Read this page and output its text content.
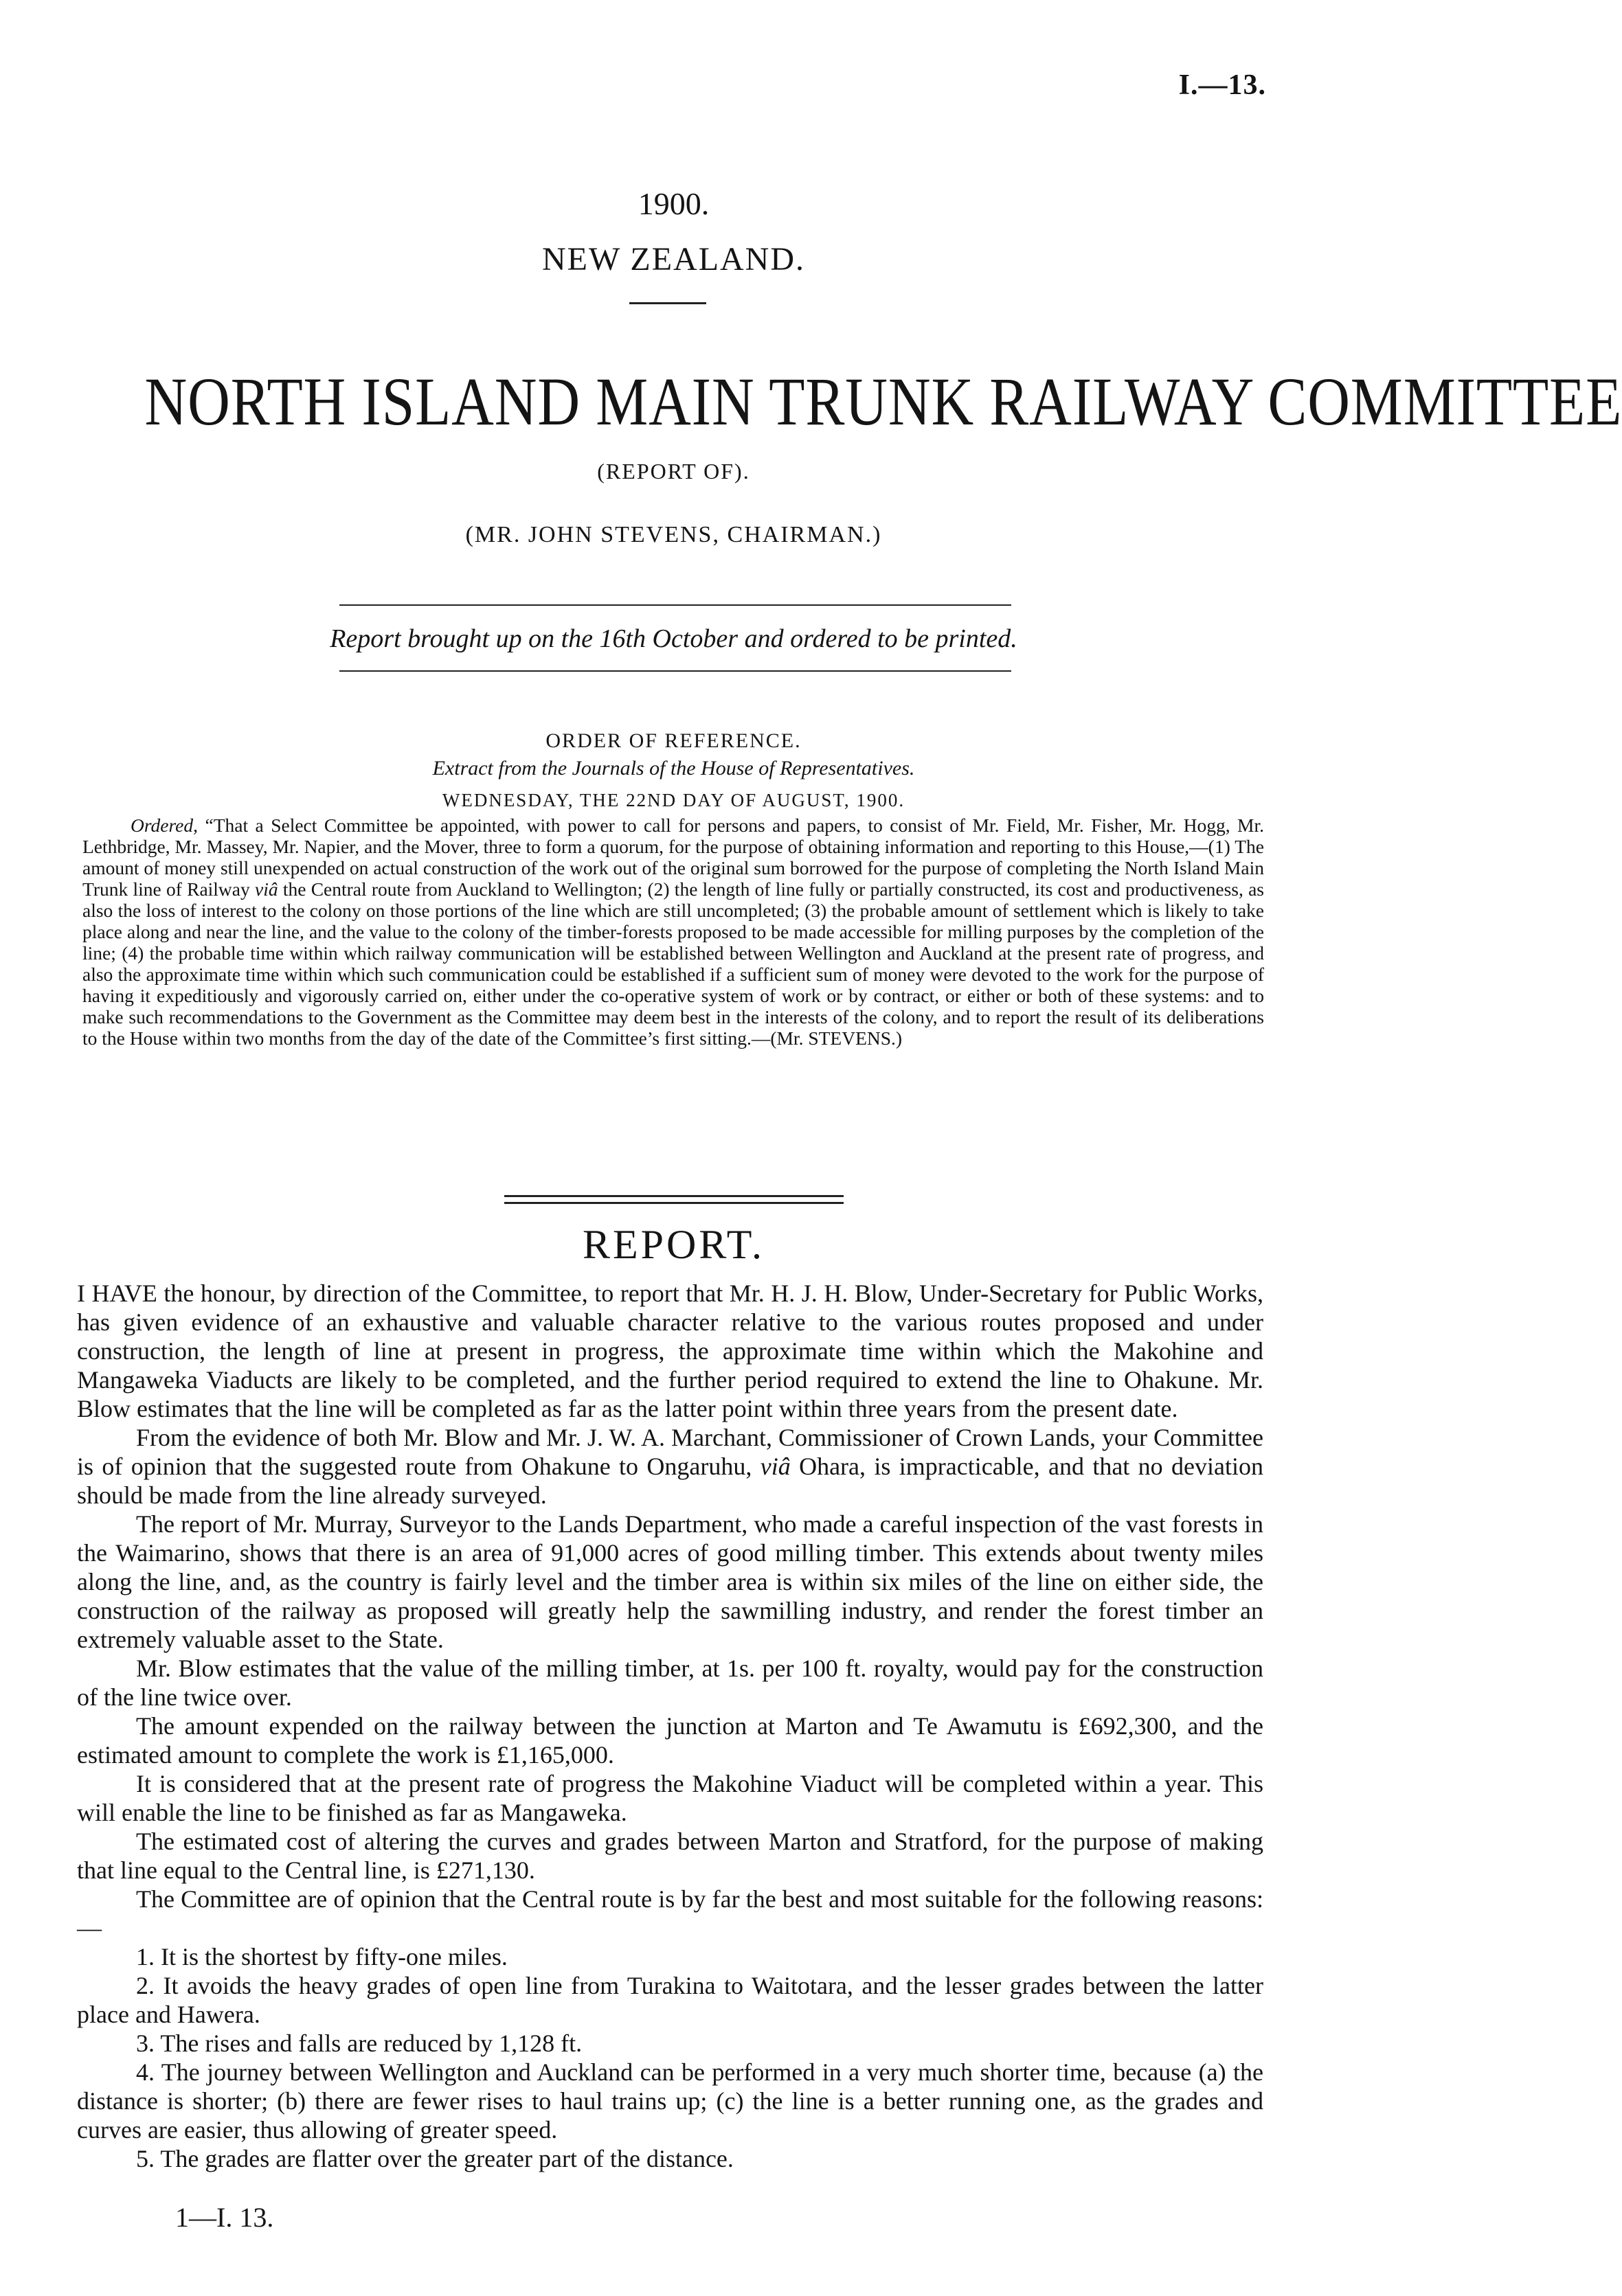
I.—13.
1900.
NEW ZEALAND.
NORTH ISLAND MAIN TRUNK RAILWAY COMMITTEE
(REPORT OF).
(MR. JOHN STEVENS, CHAIRMAN.)
Report brought up on the 16th October and ordered to be printed.
ORDER OF REFERENCE.
Extract from the Journals of the House of Representatives.
WEDNESDAY, THE 22ND DAY OF AUGUST, 1900.
Ordered, “That a Select Committee be appointed, with power to call for persons and papers, to consist of Mr. Field, Mr. Fisher, Mr. Hogg, Mr. Lethbridge, Mr. Massey, Mr. Napier, and the Mover, three to form a quorum, for the purpose of obtaining information and reporting to this House,—(1) The amount of money still unexpended on actual construction of the work out of the original sum borrowed for the purpose of completing the North Island Main Trunk line of Railway viâ the Central route from Auckland to Wellington; (2) the length of line fully or partially constructed, its cost and productiveness, as also the loss of interest to the colony on those portions of the line which are still uncompleted; (3) the probable amount of settlement which is likely to take place along and near the line, and the value to the colony of the timber-forests proposed to be made accessible for milling purposes by the completion of the line; (4) the probable time within which railway communication will be established between Wellington and Auckland at the present rate of progress, and also the approximate time within which such communication could be established if a sufficient sum of money were devoted to the work for the purpose of having it expeditiously and vigorously carried on, either under the co-operative system of work or by contract, or either or both of these systems: and to make such recommendations to the Government as the Committee may deem best in the interests of the colony, and to report the result of its deliberations to the House within two months from the day of the date of the Committee’s first sitting.—(Mr. STEVENS.)
REPORT.

I HAVE the honour, by direction of the Committee, to report that Mr. H. J. H. Blow, Under-Secretary for Public Works, has given evidence of an exhaustive and valuable character relative to the various routes proposed and under construction, the length of line at present in progress, the approximate time within which the Makohine and Mangaweka Viaducts are likely to be completed, and the further period required to extend the line to Ohakune. Mr. Blow estimates that the line will be completed as far as the latter point within three years from the present date.

From the evidence of both Mr. Blow and Mr. J. W. A. Marchant, Commissioner of Crown Lands, your Committee is of opinion that the suggested route from Ohakune to Ongaruhu, viâ Ohara, is impracticable, and that no deviation should be made from the line already surveyed.

The report of Mr. Murray, Surveyor to the Lands Department, who made a careful inspection of the vast forests in the Waimarino, shows that there is an area of 91,000 acres of good milling timber. This extends about twenty miles along the line, and, as the country is fairly level and the timber area is within six miles of the line on either side, the construction of the railway as proposed will greatly help the sawmilling industry, and render the forest timber an extremely valuable asset to the State.

Mr. Blow estimates that the value of the milling timber, at 1s. per 100 ft. royalty, would pay for the construction of the line twice over.

The amount expended on the railway between the junction at Marton and Te Awamutu is £692,300, and the estimated amount to complete the work is £1,165,000.

It is considered that at the present rate of progress the Makohine Viaduct will be completed within a year. This will enable the line to be finished as far as Mangaweka.

The estimated cost of altering the curves and grades between Marton and Stratford, for the purpose of making that line equal to the Central line, is £271,130.

The Committee are of opinion that the Central route is by far the best and most suitable for the following reasons:—

1. It is the shortest by fifty-one miles.

2. It avoids the heavy grades of open line from Turakina to Waitotara, and the lesser grades between the latter place and Hawera.

3. The rises and falls are reduced by 1,128 ft.

4. The journey between Wellington and Auckland can be performed in a very much shorter time, because (a) the distance is shorter; (b) there are fewer rises to haul trains up; (c) the line is a better running one, as the grades and curves are easier, thus allowing of greater speed.

5. The grades are flatter over the greater part of the distance.

1—I. 13.
